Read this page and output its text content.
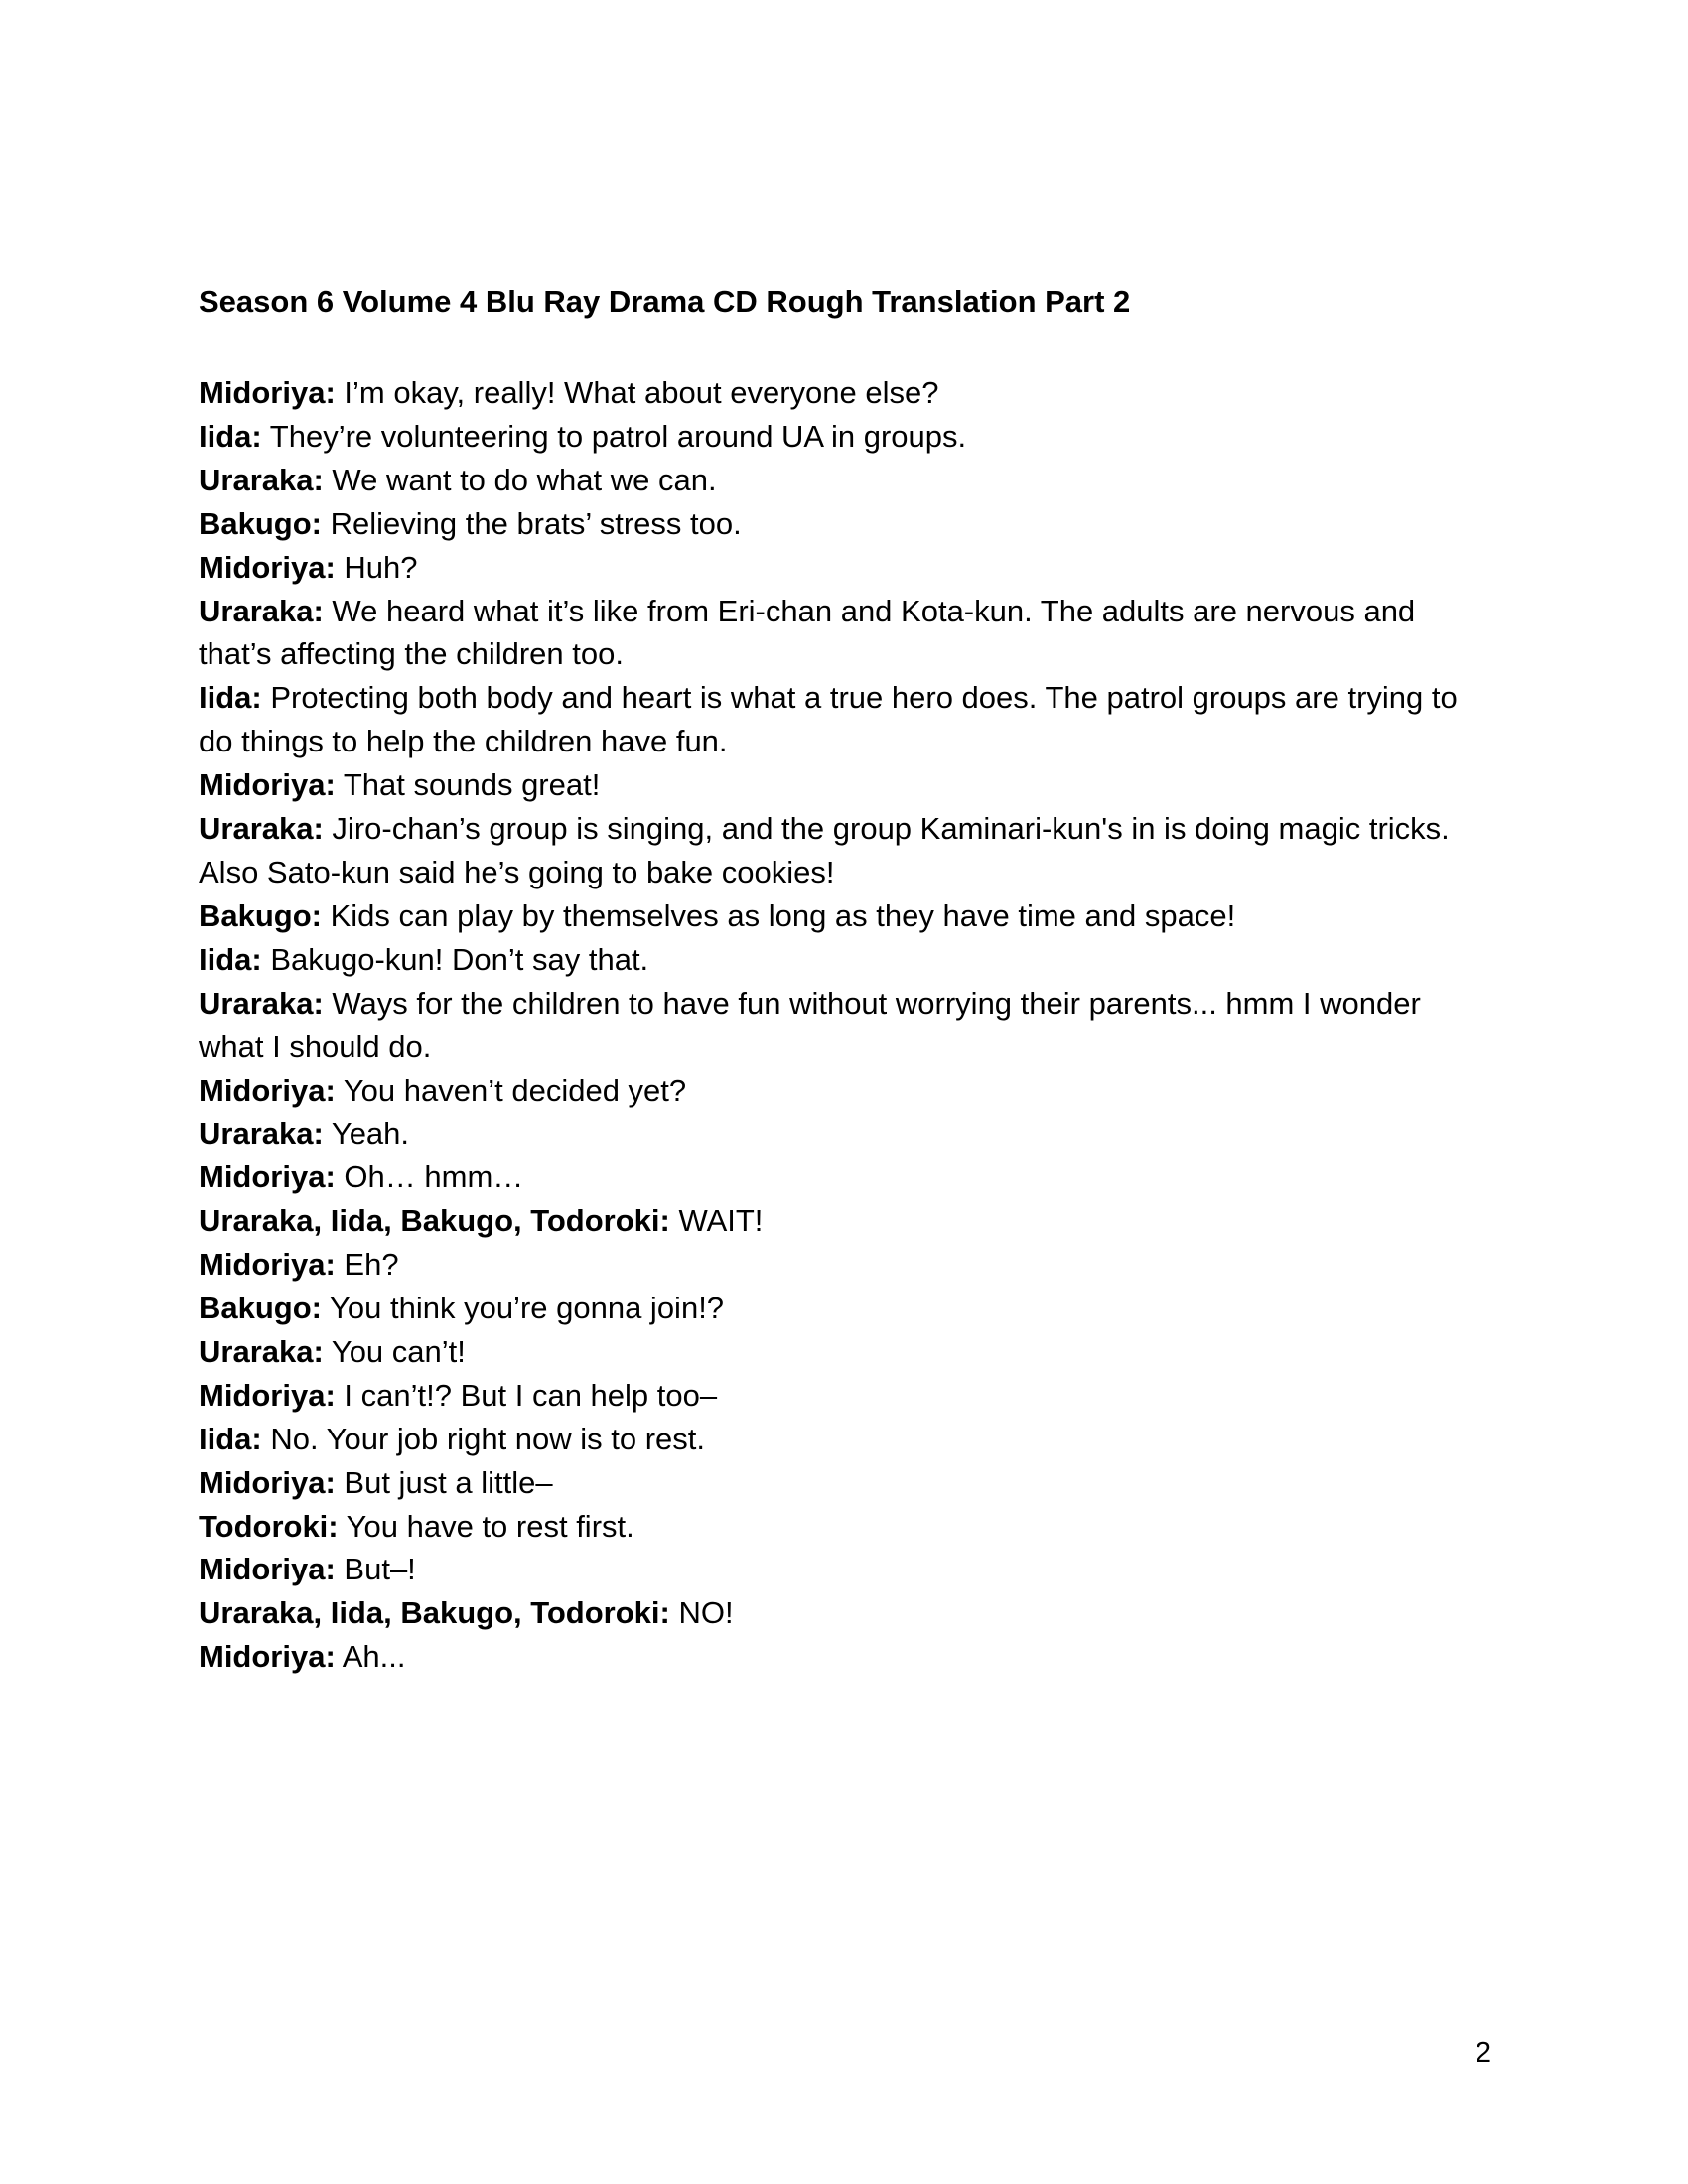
Season 6 Volume 4 Blu Ray Drama CD Rough Translation Part 2

Midoriya: I’m okay, really! What about everyone else?

Iida: They’re volunteering to patrol around UA in groups.

Uraraka: We want to do what we can.

Bakugo: Relieving the brats’ stress too.

Midoriya: Huh?

Uraraka: We heard what it’s like from Eri-chan and Kota-kun. The adults are nervous and that’s affecting the children too.

Iida: Protecting both body and heart is what a true hero does. The patrol groups are trying to do things to help the children have fun.

Midoriya: That sounds great!

Uraraka: Jiro-chan’s group is singing, and the group Kaminari-kun's in is doing magic tricks. Also Sato-kun said he’s going to bake cookies!

Bakugo: Kids can play by themselves as long as they have time and space!

Iida: Bakugo-kun! Don’t say that.

Uraraka: Ways for the children to have fun without worrying their parents... hmm I wonder what I should do.

Midoriya: You haven’t decided yet?

Uraraka: Yeah.

Midoriya: Oh… hmm…

Uraraka, Iida, Bakugo, Todoroki: WAIT!

Midoriya: Eh?

Bakugo: You think you’re gonna join!?

Uraraka: You can’t!

Midoriya: I can’t!? But I can help too–

Iida: No. Your job right now is to rest.

Midoriya: But just a little–

Todoroki: You have to rest first.

Midoriya: But–!

Uraraka, Iida, Bakugo, Todoroki: NO!

Midoriya: Ah...

2
